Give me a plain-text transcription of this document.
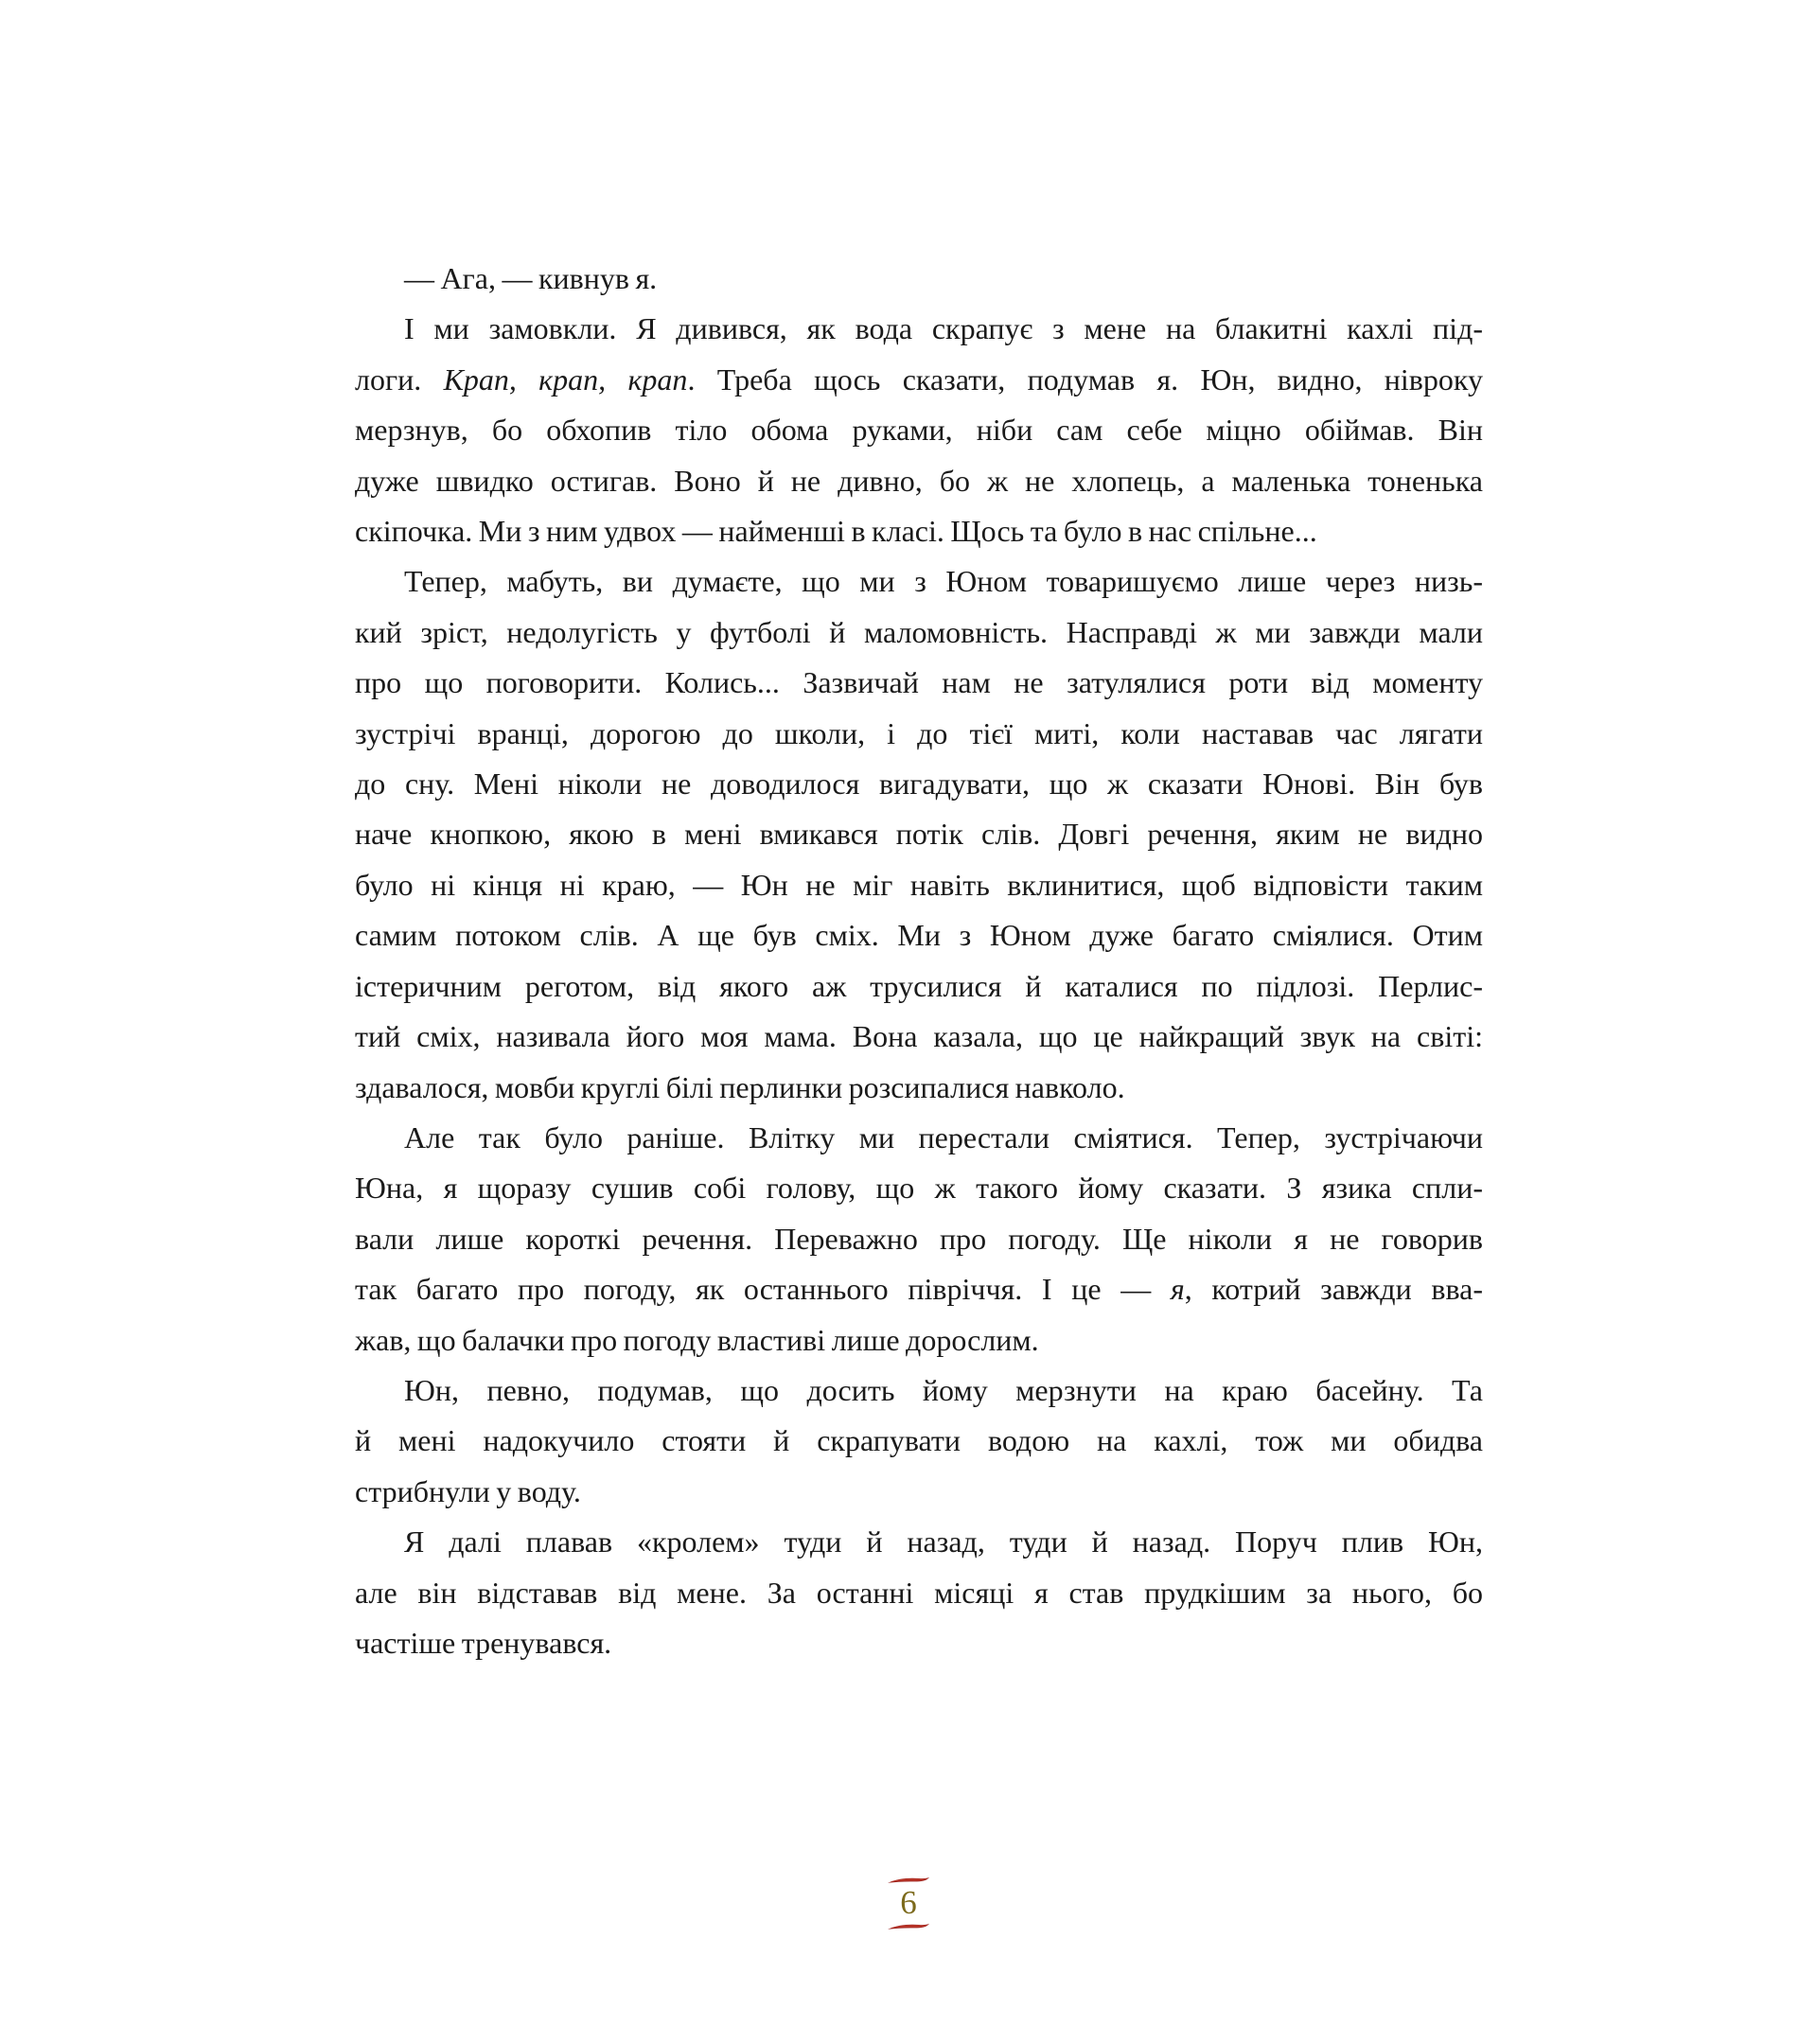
— Ага, — кивнув я.
І ми замовкли. Я дивився, як вода скрапує з мене на блакитні кахлі під-
логи. Крап, крап, крап. Треба щось сказати, подумав я. Юн, видно, нівроку
мерзнув, бо обхопив тіло обома руками, ніби сам себе міцно обіймав. Він
дуже швидко остигав. Воно й не дивно, бо ж не хлопець, а маленька тоненька
скіпочка. Ми з ним удвох — найменші в класі. Щось та було в нас спільне...
Тепер, мабуть, ви думаєте, що ми з Юном товаришуємо лише через низь-
кий зріст, недолугість у футболі й маломовність. Насправді ж ми завжди мали
про що поговорити. Колись... Зазвичай нам не затулялися роти від моменту
зустрічі вранці, дорогою до школи, і до тієї миті, коли наставав час лягати
до сну. Мені ніколи не доводилося вигадувати, що ж сказати Юнові. Він був
наче кнопкою, якою в мені вмикався потік слів. Довгі речення, яким не видно
було ні кінця ні краю, — Юн не міг навіть вклинитися, щоб відповісти таким
самим потоком слів. А ще був сміх. Ми з Юном дуже багато сміялися. Отим
істеричним реготом, від якого аж трусилися й каталися по підлозі. Перлис-
тий сміх, називала його моя мама. Вона казала, що це найкращий звук на світі:
здавалося, мовби круглі білі перлинки розсипалися навколо.
Але так було раніше. Влітку ми перестали сміятися. Тепер, зустрічаючи
Юна, я щоразу сушив собі голову, що ж такого йому сказати. З язика спли-
вали лише короткі речення. Переважно про погоду. Ще ніколи я не говорив
так багато про погоду, як останнього півріччя. І це — я, котрий завжди вва-
жав, що балачки про погоду властиві лише дорослим.
Юн, певно, подумав, що досить йому мерзнути на краю басейну. Та
й мені надокучило стояти й скрапувати водою на кахлі, тож ми обидва
стрибнули у воду.
Я далі плавав «кролем» туди й назад, туди й назад. Поруч плив Юн,
але він відставав від мене. За останні місяці я став прудкішим за нього, бо
частіше тренувався.
6
